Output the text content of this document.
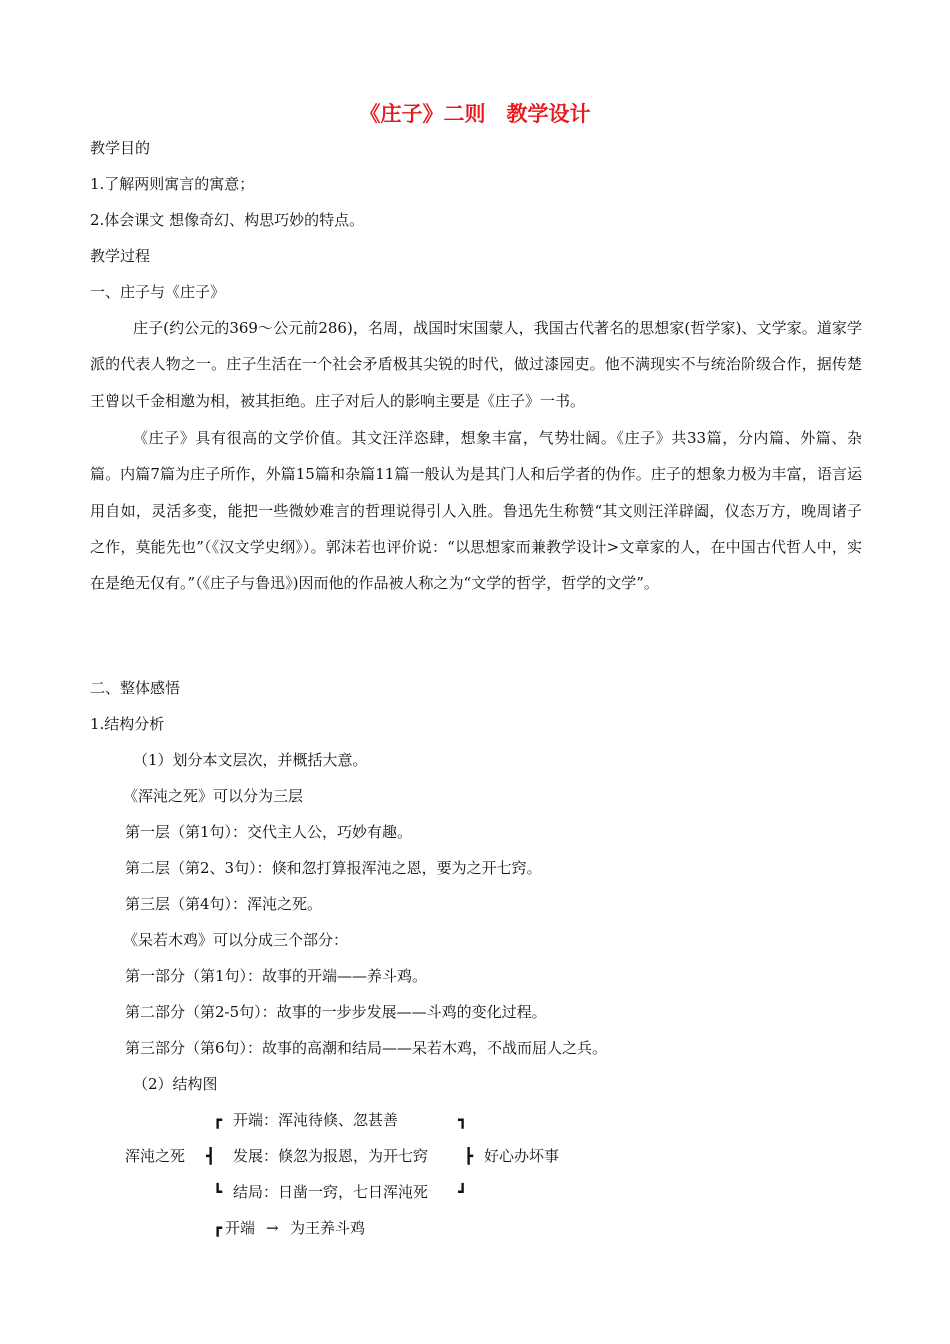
《庄子》二则　教学设计
教学目的
1.了解两则寓言的寓意；
2.体会课文 想像奇幻、构思巧妙的特点。
教学过程
一、庄子与《庄子》
庄子(约公元的369～公元前286)，名周，战国时宋国蒙人，我国古代著名的思想家(哲学家)、文学家。道家学派的代表人物之一。庄子生活在一个社会矛盾极其尖锐的时代，做过漆园吏。他不满现实不与统治阶级合作，据传楚王曾以千金相邀为相，被其拒绝。庄子对后人的影响主要是《庄子》一书。
《庄子》具有很高的文学价值。其文汪洋恣肆，想象丰富，气势壮阔。《庄子》共33篇，分内篇、外篇、杂篇。内篇7篇为庄子所作，外篇15篇和杂篇11篇一般认为是其门人和后学者的伪作。庄子的想象力极为丰富，语言运用自如，灵活多变，能把一些微妙难言的哲理说得引人入胜。鲁迅先生称赞“其文则汪洋辟阖，仪态万方，晚周诸子之作，莫能先也”（《汉文学史纲》）。郭沫若也评价说：“以思想家而兼教学设计>文章家的人，在中国古代哲人中，实在是绝无仅有。”（《庄子与鲁迅》)因而他的作品被人称之为“文学的哲学，哲学的文学”。
二、整体感悟
1.结构分析
（1）划分本文层次，并概括大意。
《浑沌之死》可以分为三层
第一层（第1句）：交代主人公，巧妙有趣。
第二层（第2、3句）：倏和忽打算报浑沌之恩，要为之开七窍。
第三层（第4句）：浑沌之死。
《呆若木鸡》可以分成三个部分：
第一部分（第1句）：故事的开端——养斗鸡。
第二部分（第2-5句）：故事的一步步发展——斗鸡的变化过程。
第三部分（第6句）：故事的高潮和结局——呆若木鸡，不战而屈人之兵。
（2）结构图
┏ 开端：浑沌待倏、忽甚善	┓
浑沌之死 ┫ 发展：倏忽为报恩，为开七窍 ┣ 好心办坏事
┗ 结局：日凿一窍，七日浑沌死 ┛
┏ 开端 → 为王养斗鸡
